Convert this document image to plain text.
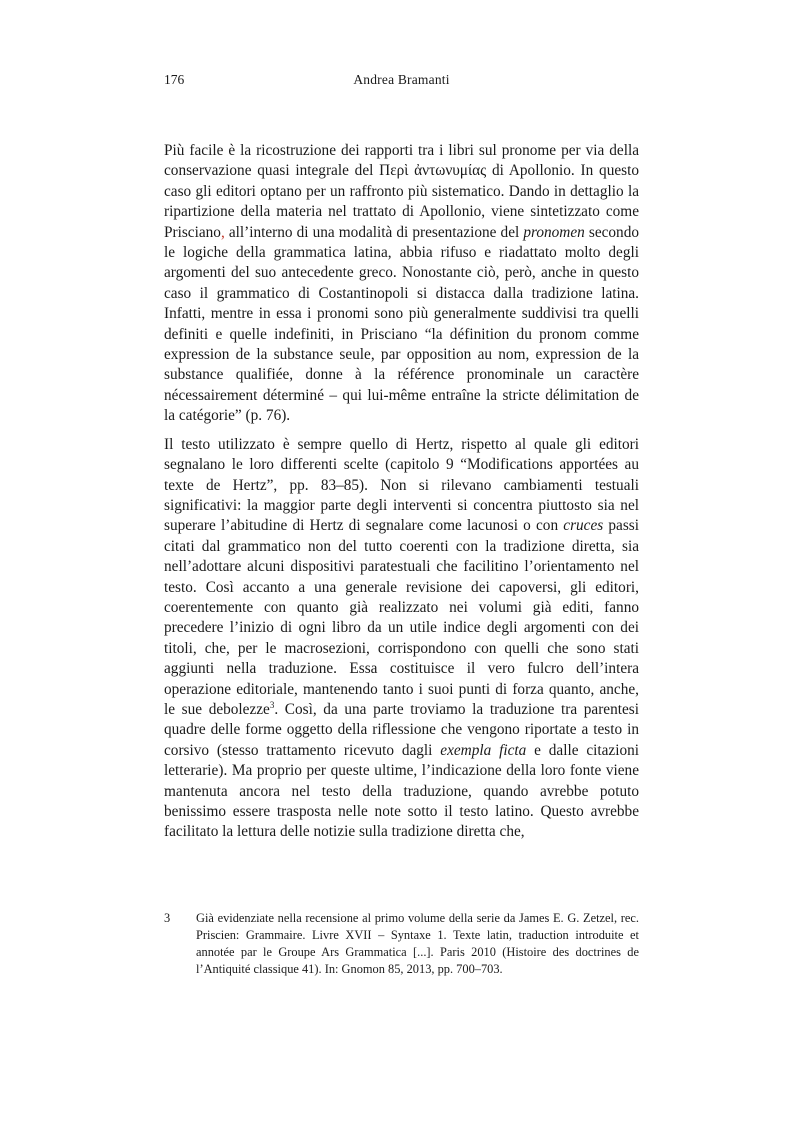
176	Andrea Bramanti

Più facile è la ricostruzione dei rapporti tra i libri sul pronome per via della conservazione quasi integrale del Περὶ ἀντωνυμίας di Apollonio. In questo caso gli editori optano per un raffronto più sistematico. Dando in dettaglio la ripartizione della materia nel trattato di Apollonio, viene sintetizzato come Prisciano, all’interno di una modalità di presentazione del pronomen secondo le logiche della grammatica latina, abbia rifuso e riadattato molto degli argomenti del suo antecedente greco. Nonostante ciò, però, anche in questo caso il grammatico di Costantinopoli si distacca dalla tradizione latina. Infatti, mentre in essa i pronomi sono più generalmente suddivisi tra quelli definiti e quelle indefiniti, in Prisciano “la définition du pronom comme expression de la substance seule, par opposition au nom, expression de la substance qualifiée, donne à la référence pronominale un caractère nécessairement déterminé – qui lui-même entraîne la stricte délimitation de la catégorie” (p. 76).

Il testo utilizzato è sempre quello di Hertz, rispetto al quale gli editori segnalano le loro differenti scelte (capitolo 9 “Modifications apportées au texte de Hertz”, pp. 83–85). Non si rilevano cambiamenti testuali significativi: la maggior parte degli interventi si concentra piuttosto sia nel superare l’abitudine di Hertz di segnalare come lacunosi o con cruces passi citati dal grammatico non del tutto coerenti con la tradizione diretta, sia nell’adottare alcuni dispositivi paratestuali che facilitino l’orientamento nel testo. Così accanto a una generale revisione dei capoversi, gli editori, coerentemente con quanto già realizzato nei volumi già editi, fanno precedere l’inizio di ogni libro da un utile indice degli argomenti con dei titoli, che, per le macrosezioni, corrispondono con quelli che sono stati aggiunti nella traduzione. Essa costituisce il vero fulcro dell’intera operazione editoriale, mantenendo tanto i suoi punti di forza quanto, anche, le sue debolezze$^3$. Così, da una parte troviamo la traduzione tra parentesi quadre delle forme oggetto della riflessione che vengono riportate a testo in corsivo (stesso trattamento ricevuto dagli exempla ficta e dalle citazioni letterarie). Ma proprio per queste ultime, l’indicazione della loro fonte viene mantenuta ancora nel testo della traduzione, quando avrebbe potuto benissimo essere trasposta nelle note sotto il testo latino. Questo avrebbe facilitato la lettura delle notizie sulla tradizione diretta che,

3	Già evidenziate nella recensione al primo volume della serie da James E. G. Zetzel, rec. Priscien: Grammaire. Livre XVII – Syntaxe 1. Texte latin, traduction introduite et annotée par le Groupe Ars Grammatica [...]. Paris 2010 (Histoire des doctrines de l’Antiquité classique 41). In: Gnomon 85, 2013, pp. 700–703.
